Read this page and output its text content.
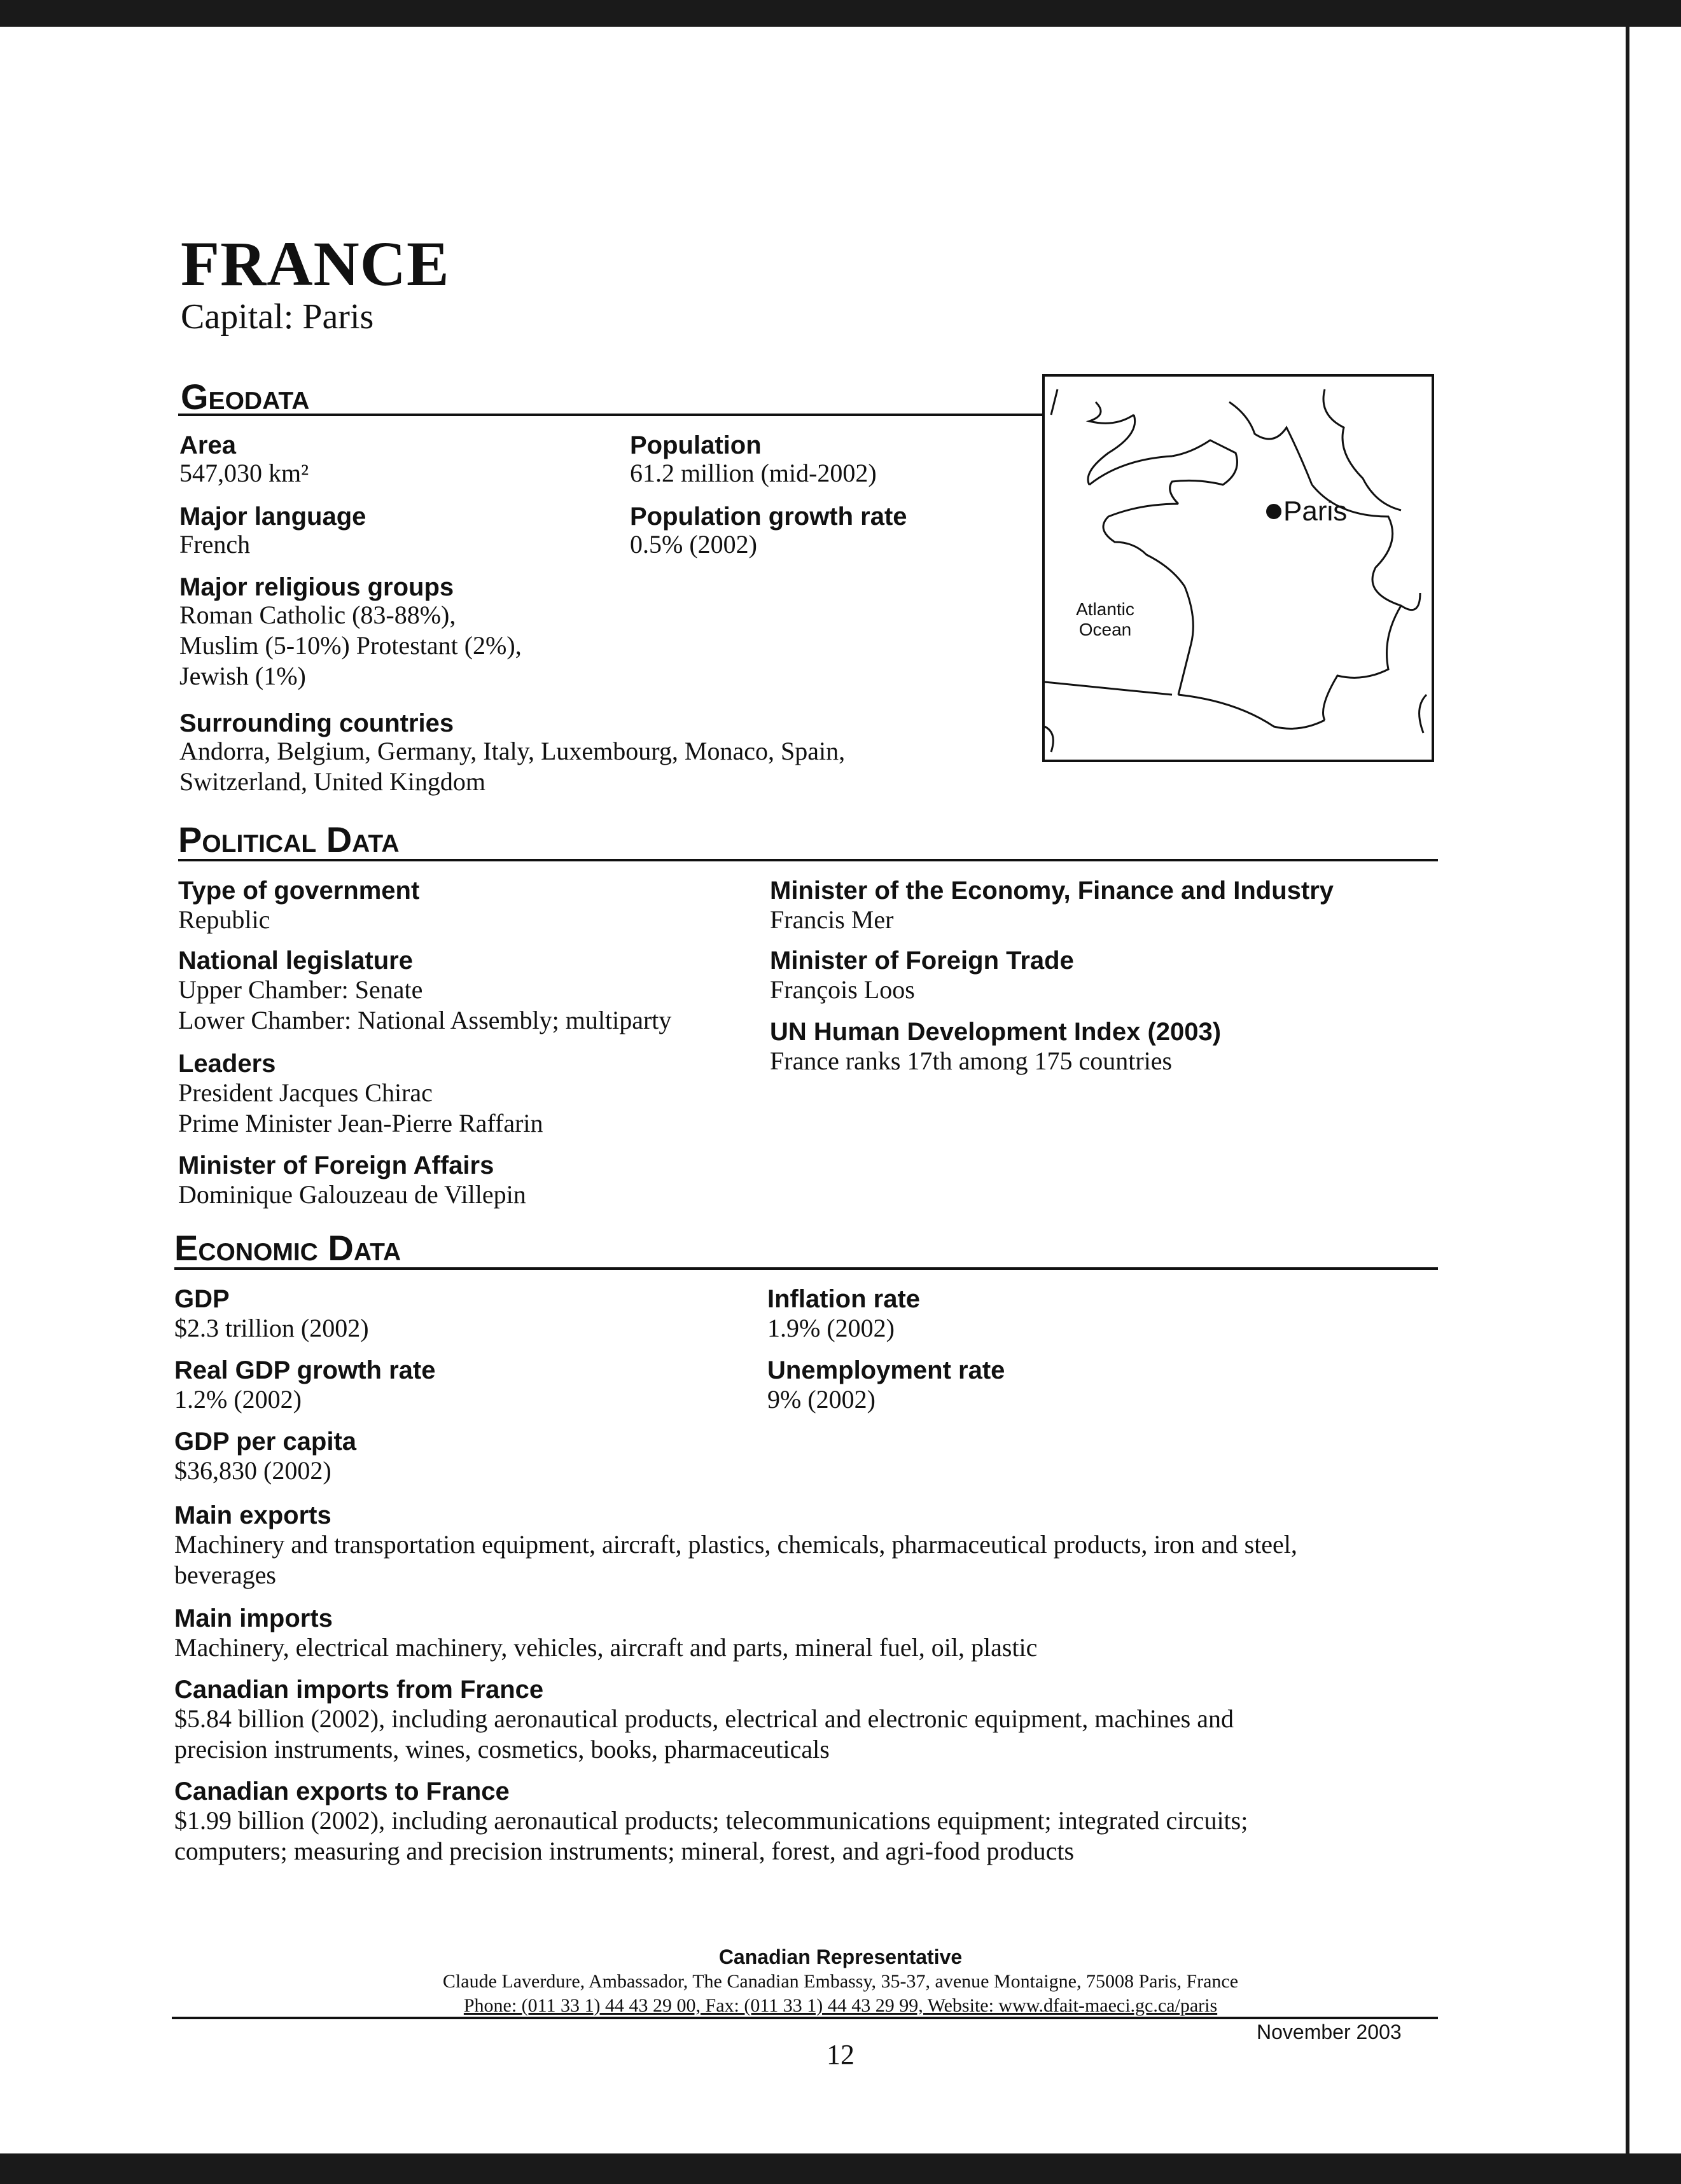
FRANCE
Capital: Paris
Geodata
Area
547,030 km²
Population
61.2 million (mid-2002)
Major language
French
Population growth rate
0.5% (2002)
Major religious groups
Roman Catholic (83-88%),
Muslim (5-10%) Protestant (2%),
Jewish (1%)
Surrounding countries
Andorra, Belgium, Germany, Italy, Luxembourg, Monaco, Spain,
Switzerland, United Kingdom
Paris
Atlantic Ocean
Political Data
Type of government
Republic
National legislature
Upper Chamber: Senate
Lower Chamber: National Assembly; multiparty
Leaders
President Jacques Chirac
Prime Minister Jean-Pierre Raffarin
Minister of Foreign Affairs
Dominique Galouzeau de Villepin
Minister of the Economy, Finance and Industry
Francis Mer
Minister of Foreign Trade
François Loos
UN Human Development Index (2003)
France ranks 17th among 175 countries
Economic Data
GDP
$2.3 trillion (2002)
Inflation rate
1.9% (2002)
Real GDP growth rate
1.2% (2002)
Unemployment rate
9% (2002)
GDP per capita
$36,830 (2002)
Main exports
Machinery and transportation equipment, aircraft, plastics, chemicals, pharmaceutical products, iron and steel,
beverages
Main imports
Machinery, electrical machinery, vehicles, aircraft and parts, mineral fuel, oil, plastic
Canadian imports from France
$5.84 billion (2002), including aeronautical products, electrical and electronic equipment, machines and
precision instruments, wines, cosmetics, books, pharmaceuticals
Canadian exports to France
$1.99 billion (2002), including aeronautical products; telecommunications equipment; integrated circuits;
computers; measuring and precision instruments; mineral, forest, and agri-food products
Canadian Representative
Claude Laverdure, Ambassador, The Canadian Embassy, 35-37, avenue Montaigne, 75008 Paris, France
Phone: (011 33 1) 44 43 29 00, Fax: (011 33 1) 44 43 29 99, Website: www.dfait-maeci.gc.ca/paris
November 2003
12
